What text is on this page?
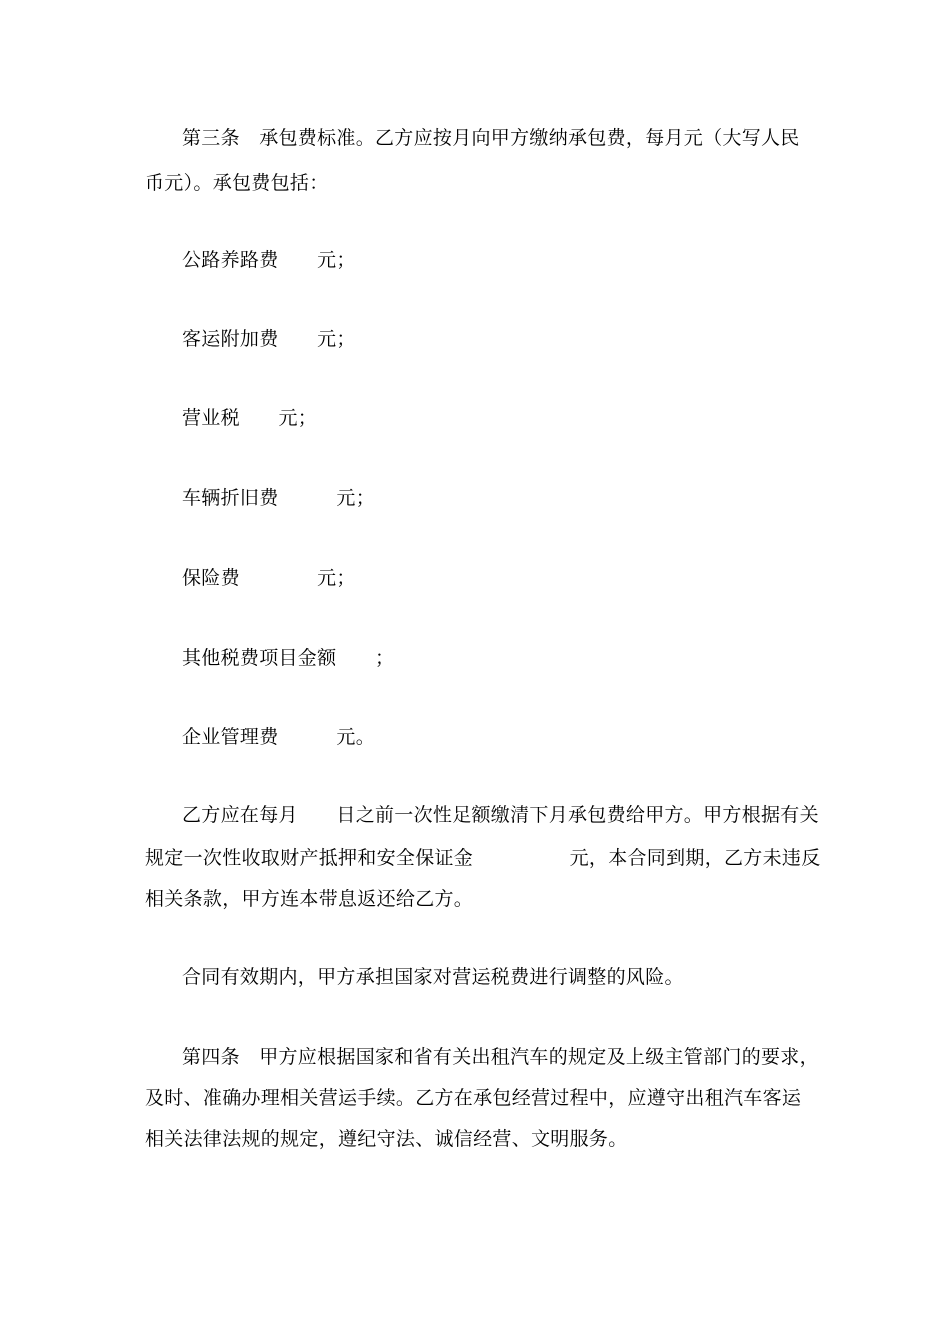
第三条　承包费标准。乙方应按月向甲方缴纳承包费，每月元（大写人民
币元）。承包费包括：
公路养路费　　元；
客运附加费　　元；
营业税　　元；
车辆折旧费　　　元；
保险费　　　　元；
其他税费项目金额　　；
企业管理费　　　元。
乙方应在每月　　日之前一次性足额缴清下月承包费给甲方。甲方根据有关
规定一次性收取财产抵押和安全保证金　　　　　元，本合同到期，乙方未违反
相关条款，甲方连本带息返还给乙方。
合同有效期内，甲方承担国家对营运税费进行调整的风险。
第四条　甲方应根据国家和省有关出租汽车的规定及上级主管部门的要求，
及时、准确办理相关营运手续。乙方在承包经营过程中，应遵守出租汽车客运
相关法律法规的规定，遵纪守法、诚信经营、文明服务。
